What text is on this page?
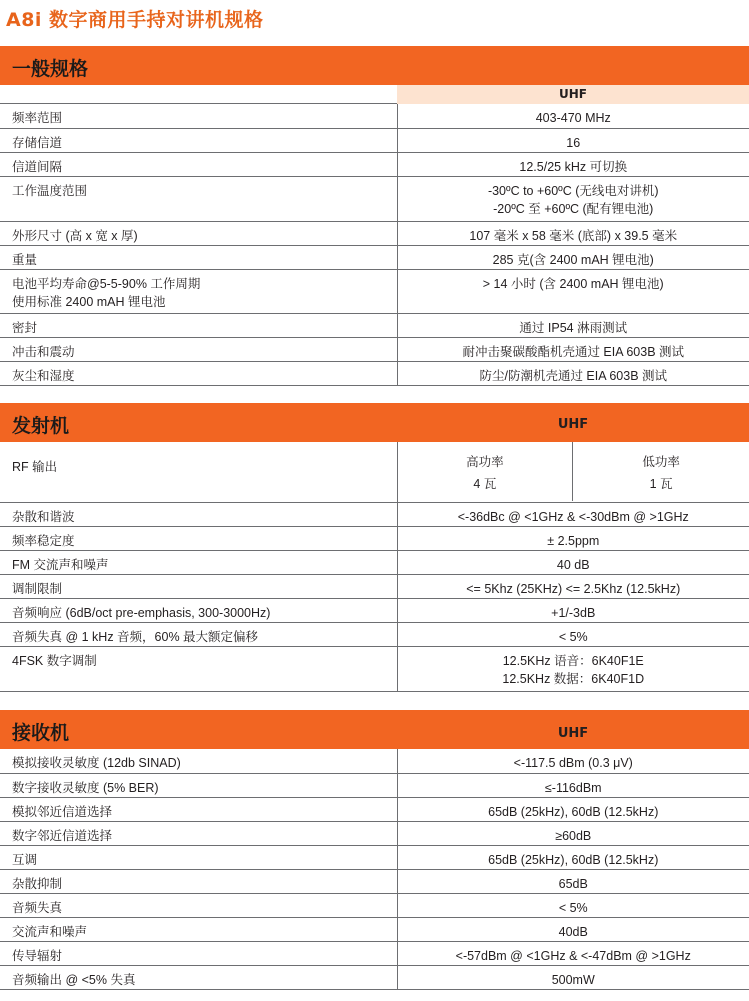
A8i 数字商用手持对讲机规格
一般规格
UHF
频率范围	403-470 MHz

存储信道	16

信道间隔	12.5/25 kHz 可切换

工作温度范围	-30ºC to +60ºC (无线电对讲机)
-20ºC 至 +60ºC (配有锂电池)

外形尺寸 (高 x 宽 x 厚)	107 毫米 x 58 毫米 (底部) x 39.5 毫米

重量	285 克(含 2400 mAH 锂电池)

电池平均寿命@5-5-90% 工作周期
使用标准 2400 mAH 锂电池	> 14 小时 (含 2400 mAH 锂电池)

密封	通过 IP54 淋雨测试

冲击和震动	耐冲击聚碳酸酯机壳通过 EIA 603B 测试

灰尘和湿度	防尘/防潮机壳通过 EIA 603B 测试
发射机	UHF
RF 输出	高功率
4 瓦
低功率
1 瓦

杂散和谐波	<-36dBc @ <1GHz & <-30dBm @ >1GHz

频率稳定度	± 2.5ppm

FM 交流声和噪声	40 dB

调制限制	<= 5Khz (25KHz) <= 2.5Khz (12.5kHz)

音频响应 (6dB/oct pre-emphasis, 300-3000Hz)	+1/-3dB

音频失真 @ 1 kHz 音频，60% 最大额定偏移	< 5%

4FSK 数字调制	12.5KHz 语音：6K40F1E
12.5KHz 数据：6K40F1D
接收机	UHF
模拟接收灵敏度 (12db SINAD)	<-117.5 dBm (0.3 μV)

数字接收灵敏度 (5% BER)	≤-116dBm

模拟邻近信道选择	65dB (25kHz), 60dB (12.5kHz)

数字邻近信道选择	≥60dB

互调	65dB (25kHz), 60dB (12.5kHz)

杂散抑制	65dB

音频失真	< 5%

交流声和噪声	40dB

传导辐射	<-57dBm @ <1GHz & <-47dBm @ >1GHz

音频输出 @ <5% 失真	500mW
